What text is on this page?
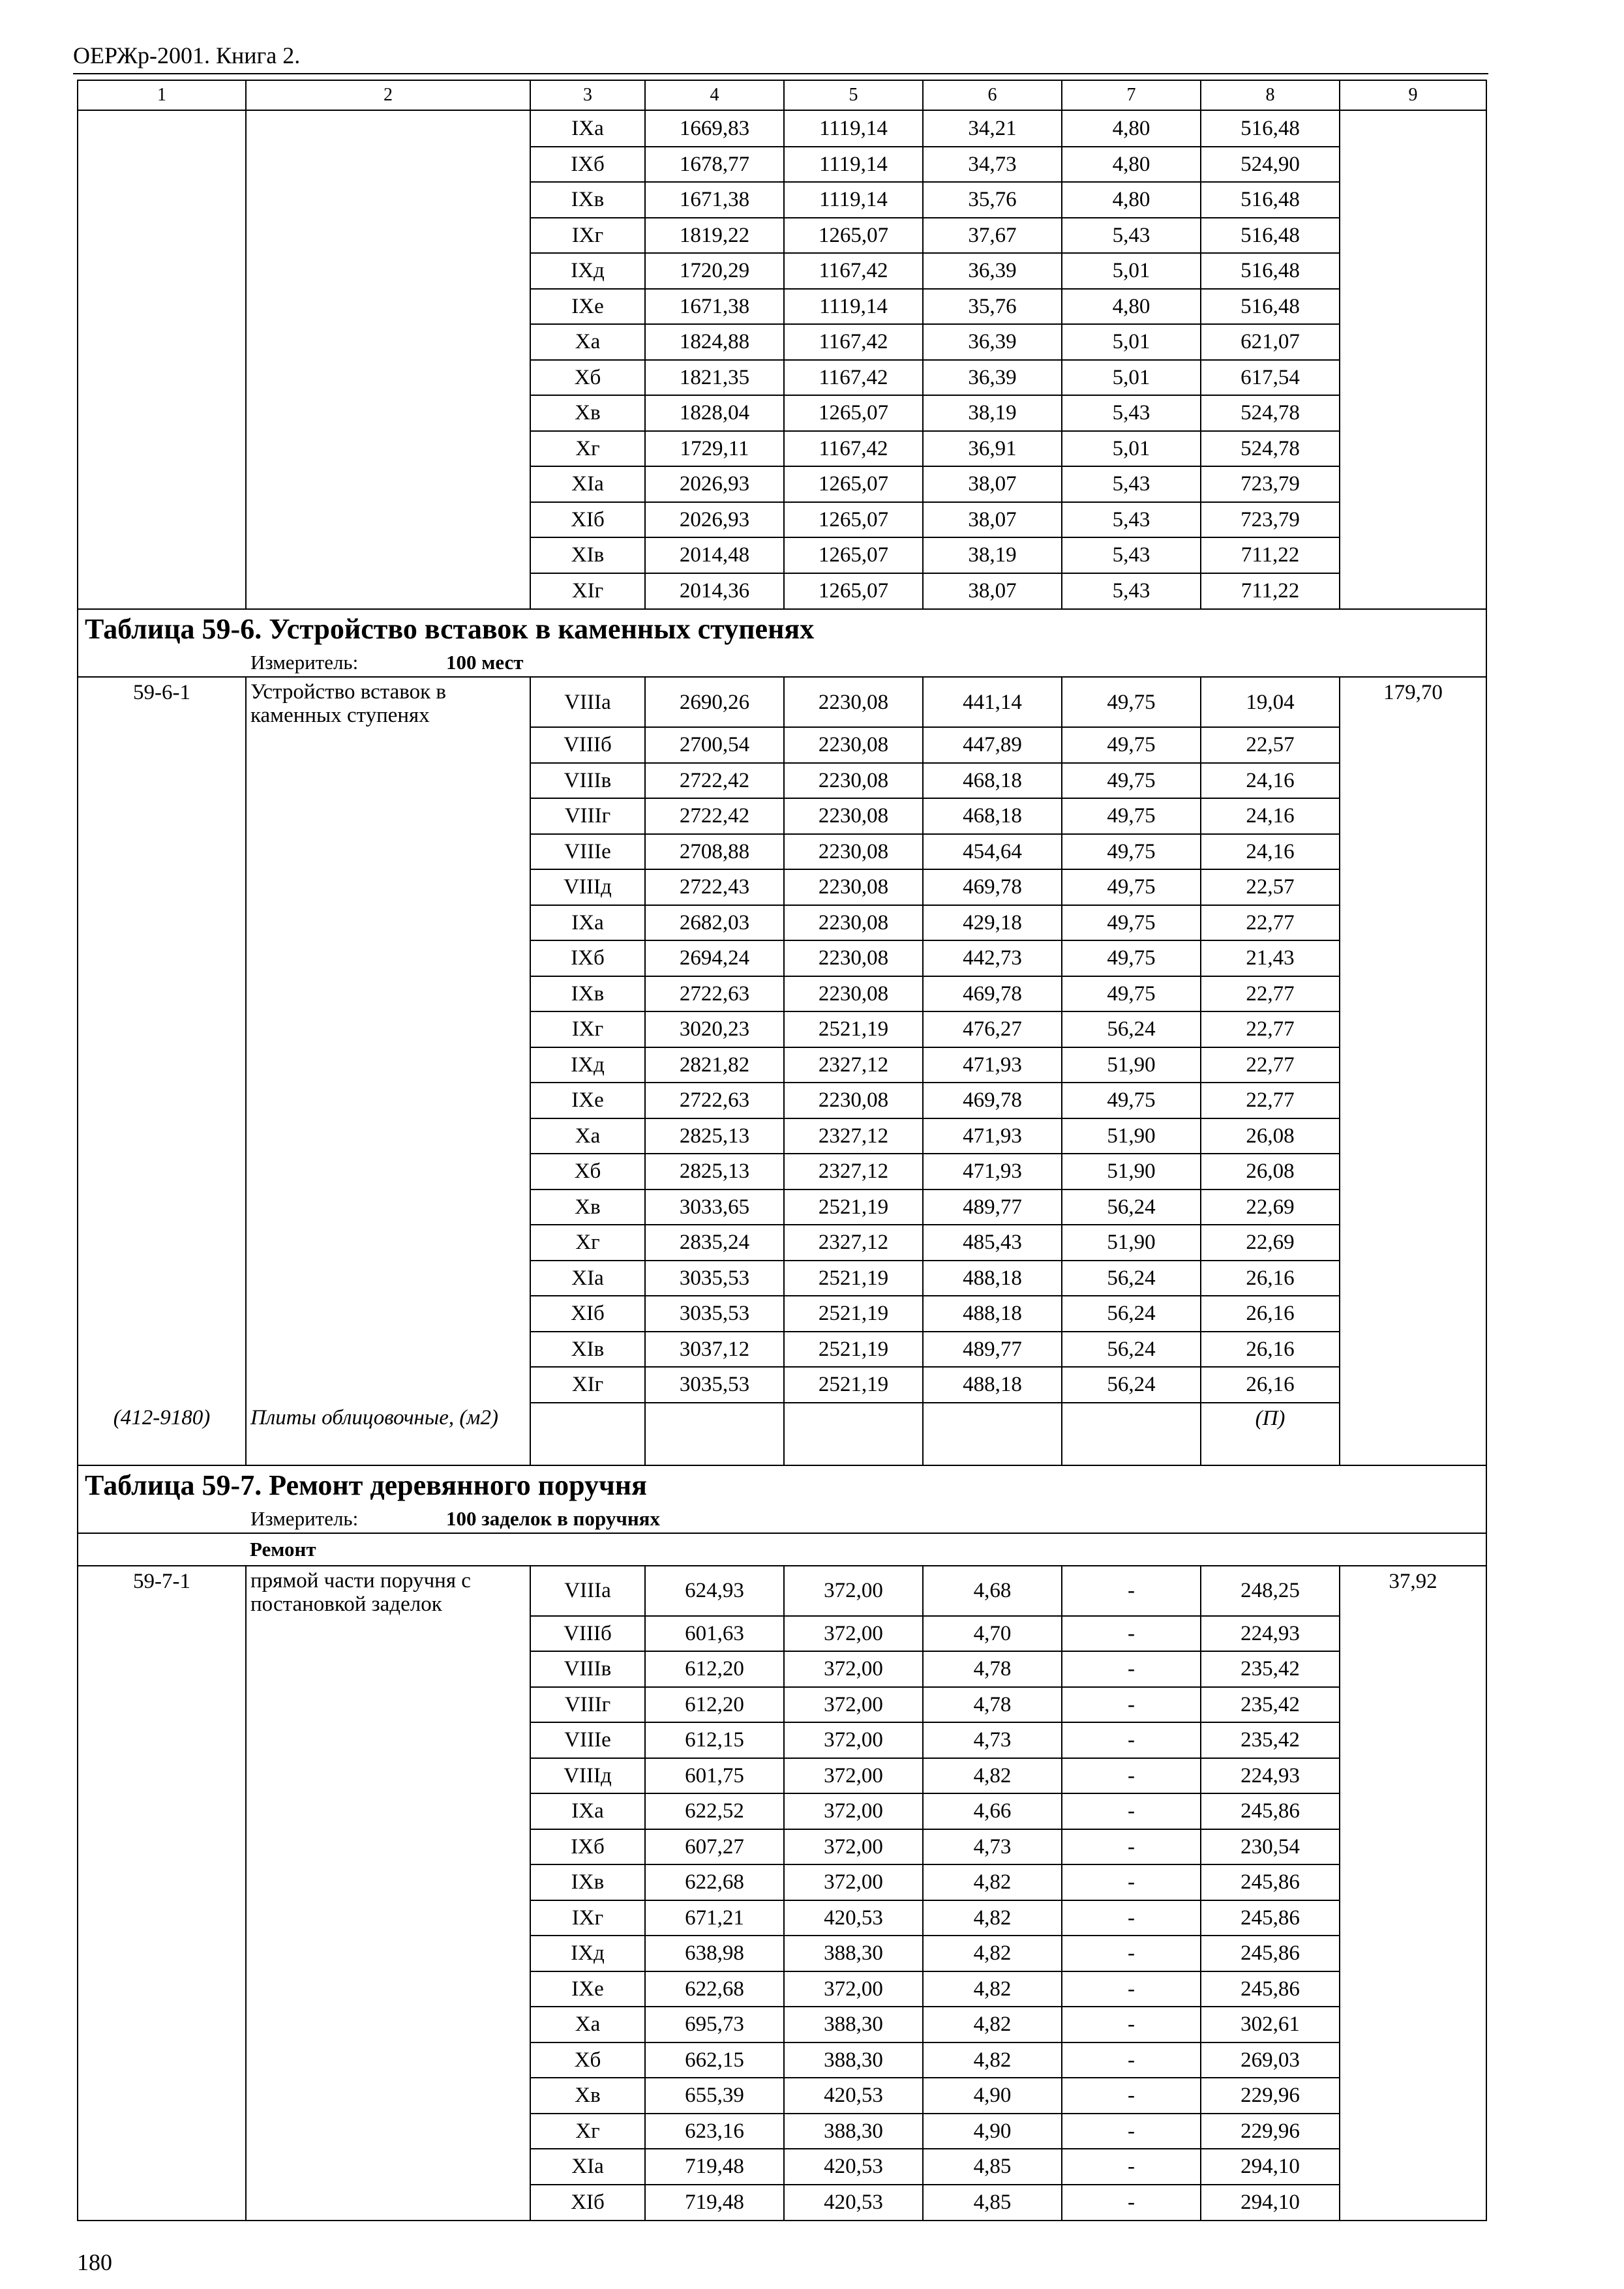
ОЕРЖр-2001. Книга 2.
1	2	3	4	5	6	7	8	9
		IXа	1669,83	1119,14	34,21	4,80	516,48	
		IXб	1678,77	1119,14	34,73	4,80	524,90	
		IXв	1671,38	1119,14	35,76	4,80	516,48	
		IXг	1819,22	1265,07	37,67	5,43	516,48	
		IXд	1720,29	1167,42	36,39	5,01	516,48	
		IXе	1671,38	1119,14	35,76	4,80	516,48	
		Xа	1824,88	1167,42	36,39	5,01	621,07	
		Xб	1821,35	1167,42	36,39	5,01	617,54	
		Xв	1828,04	1265,07	38,19	5,43	524,78	
		Xг	1729,11	1167,42	36,91	5,01	524,78	
		XIа	2026,93	1265,07	38,07	5,43	723,79	
		XIб	2026,93	1265,07	38,07	5,43	723,79	
		XIв	2014,48	1265,07	38,19	5,43	711,22	
		XIг	2014,36	1265,07	38,07	5,43	711,22	
Таблица 59-6. Устройство вставок в каменных ступенях								
Измеритель: 100 мест								
59-6-1	Устройство вставок в каменных ступенях	VIIIа	2690,26	2230,08	441,14	49,75	19,04	179,70
		VIIIб	2700,54	2230,08	447,89	49,75	22,57	
		VIIIв	2722,42	2230,08	468,18	49,75	24,16	
		VIIIг	2722,42	2230,08	468,18	49,75	24,16	
		VIIIе	2708,88	2230,08	454,64	49,75	24,16	
		VIIIд	2722,43	2230,08	469,78	49,75	22,57	
		IXа	2682,03	2230,08	429,18	49,75	22,77	
		IXб	2694,24	2230,08	442,73	49,75	21,43	
		IXв	2722,63	2230,08	469,78	49,75	22,77	
		IXг	3020,23	2521,19	476,27	56,24	22,77	
		IXд	2821,82	2327,12	471,93	51,90	22,77	
		IXе	2722,63	2230,08	469,78	49,75	22,77	
		Xа	2825,13	2327,12	471,93	51,90	26,08	
		Xб	2825,13	2327,12	471,93	51,90	26,08	
		Xв	3033,65	2521,19	489,77	56,24	22,69	
		Xг	2835,24	2327,12	485,43	51,90	22,69	
		XIа	3035,53	2521,19	488,18	56,24	26,16	
		XIб	3035,53	2521,19	488,18	56,24	26,16	
		XIв	3037,12	2521,19	489,77	56,24	26,16	
		XIг	3035,53	2521,19	488,18	56,24	26,16	
(412-9180)	Плиты облицовочные, (м2)						(П)	
Таблица 59-7. Ремонт деревянного поручня								
Измеритель: 100 заделок в поручнях								
	Ремонт							
59-7-1	прямой части поручня с постановкой заделок	VIIIа	624,93	372,00	4,68	-	248,25	37,92
		VIIIб	601,63	372,00	4,70	-	224,93	
		VIIIв	612,20	372,00	4,78	-	235,42	
		VIIIг	612,20	372,00	4,78	-	235,42	
		VIIIе	612,15	372,00	4,73	-	235,42	
		VIIIд	601,75	372,00	4,82	-	224,93	
		IXа	622,52	372,00	4,66	-	245,86	
		IXб	607,27	372,00	4,73	-	230,54	
		IXв	622,68	372,00	4,82	-	245,86	
		IXг	671,21	420,53	4,82	-	245,86	
		IXд	638,98	388,30	4,82	-	245,86	
		IXе	622,68	372,00	4,82	-	245,86	
		Xа	695,73	388,30	4,82	-	302,61	
		Xб	662,15	388,30	4,82	-	269,03	
		Xв	655,39	420,53	4,90	-	229,96	
		Xг	623,16	388,30	4,90	-	229,96	
		XIа	719,48	420,53	4,85	-	294,10	
		XIб	719,48	420,53	4,85	-	294,10	
180
